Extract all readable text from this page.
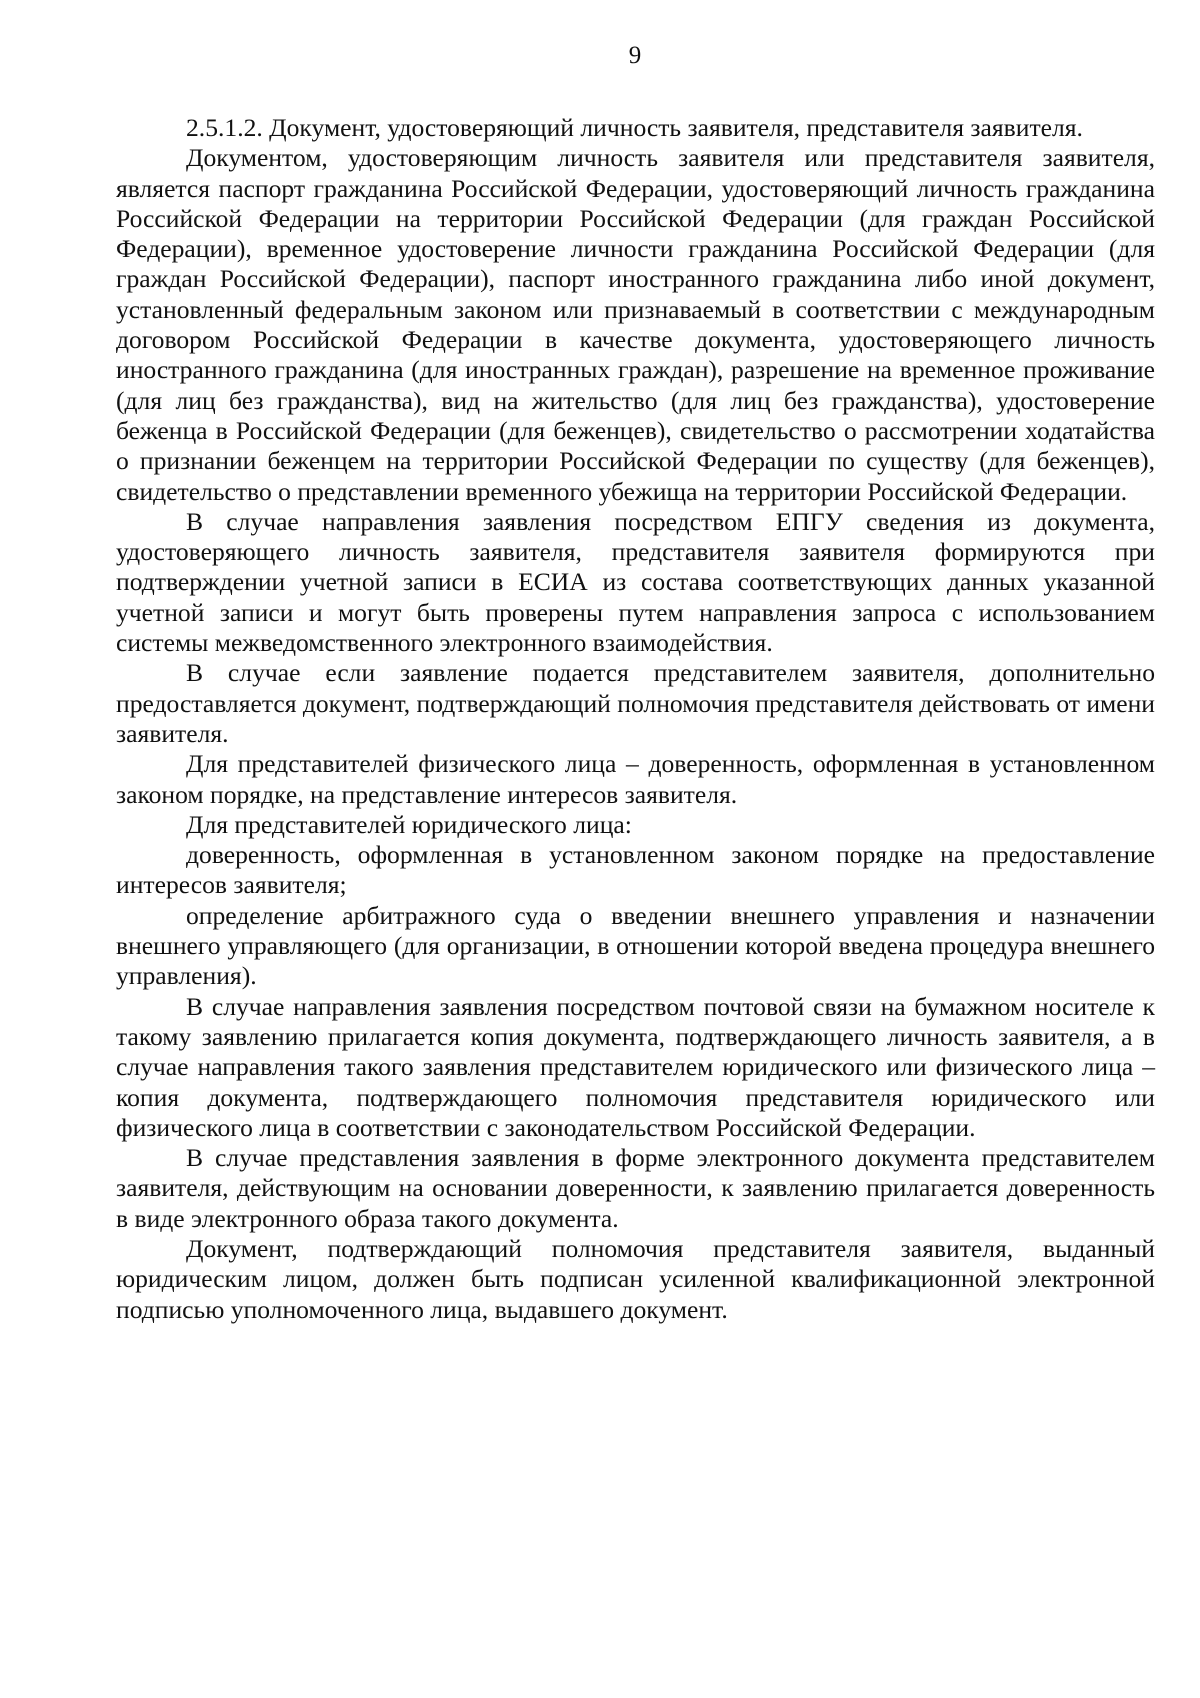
9

2.5.1.2. Документ, удостоверяющий личность заявителя, представителя заявителя.

Документом, удостоверяющим личность заявителя или представителя заявителя, является паспорт гражданина Российской Федерации, удостоверяющий личность гражданина Российской Федерации на территории Российской Федерации (для граждан Российской Федерации), временное удостоверение личности гражданина Российской Федерации (для граждан Российской Федерации), паспорт иностранного гражданина либо иной документ, установленный федеральным законом или признаваемый в соответствии с международным договором Российской Федерации в качестве документа, удостоверяющего личность иностранного гражданина (для иностранных граждан), разрешение на временное проживание (для лиц без гражданства), вид на жительство (для лиц без гражданства), удостоверение беженца в Российской Федерации (для беженцев), свидетельство о рассмотрении ходатайства о признании беженцем на территории Российской Федерации по существу (для беженцев), свидетельство о представлении временного убежища на территории Российской Федерации.

В случае направления заявления посредством ЕПГУ сведения из документа, удостоверяющего личность заявителя, представителя заявителя формируются при подтверждении учетной записи в ЕСИА из состава соответствующих данных указанной учетной записи и могут быть проверены путем направления запроса с использованием системы межведомственного электронного взаимодействия.

В случае если заявление подается представителем заявителя, дополнительно предоставляется документ, подтверждающий полномочия представителя действовать от имени заявителя.

Для представителей физического лица – доверенность, оформленная в установленном законом порядке, на представление интересов заявителя.

Для представителей юридического лица:

доверенность, оформленная в установленном законом порядке на предоставление интересов заявителя;

определение арбитражного суда о введении внешнего управления и назначении внешнего управляющего (для организации, в отношении которой введена процедура внешнего управления).

В случае направления заявления посредством почтовой связи на бумажном носителе к такому заявлению прилагается копия документа, подтверждающего личность заявителя, а в случае направления такого заявления представителем юридического или физического лица – копия документа, подтверждающего полномочия представителя юридического или физического лица в соответствии с законодательством Российской Федерации.

В случае представления заявления в форме электронного документа представителем заявителя, действующим на основании доверенности, к заявлению прилагается доверенность в виде электронного образа такого документа.

Документ, подтверждающий полномочия представителя заявителя, выданный юридическим лицом, должен быть подписан усиленной квалификационной электронной подписью уполномоченного лица, выдавшего документ.
